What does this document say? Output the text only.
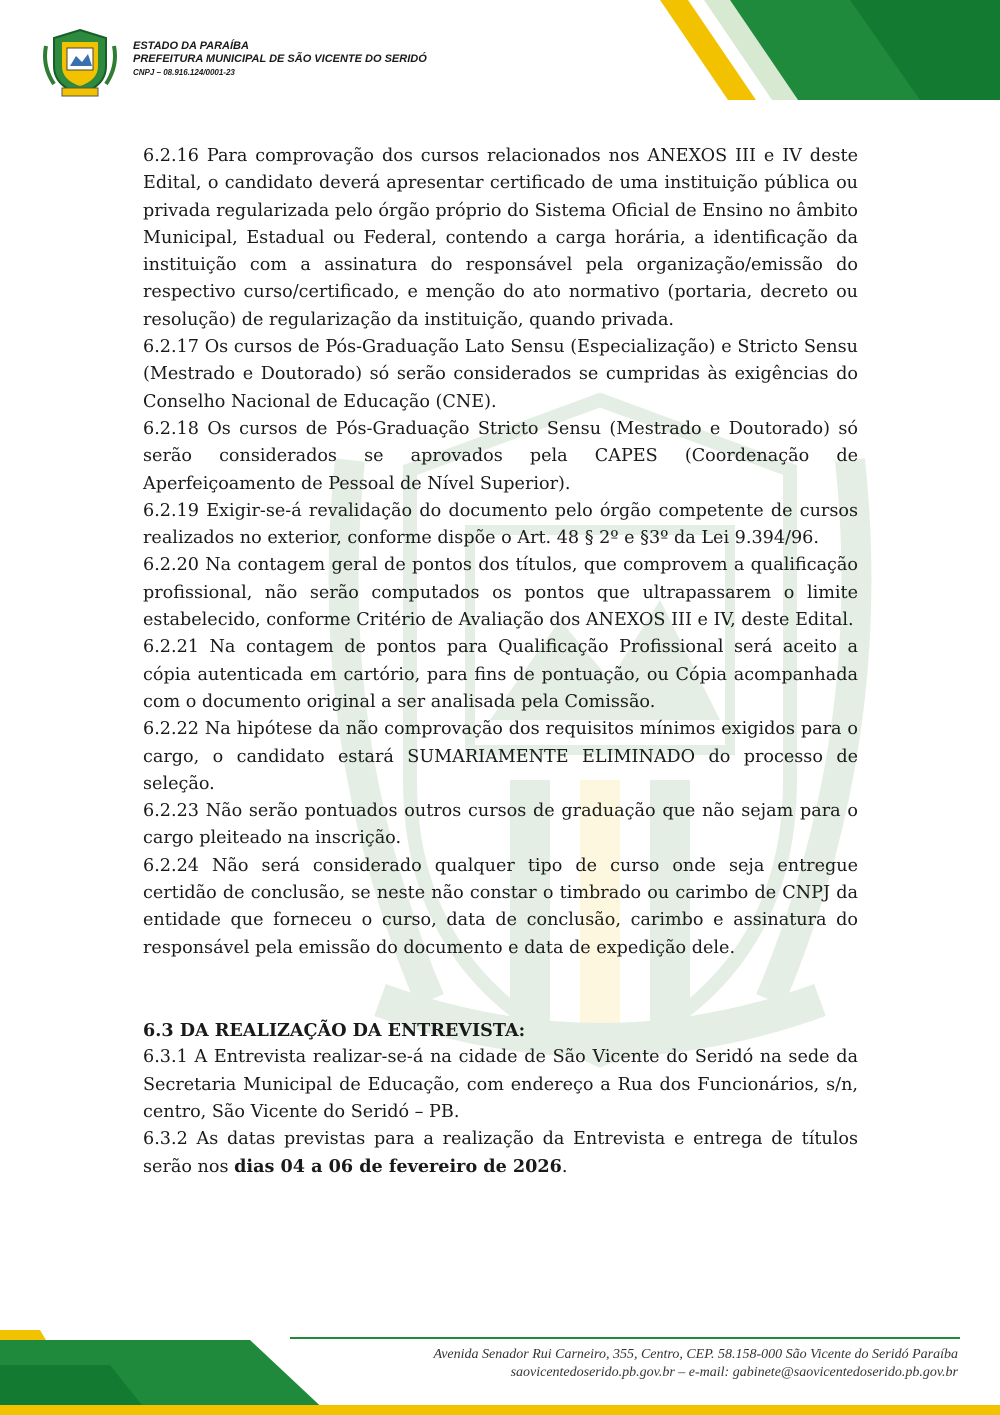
ESTADO DA PARAÍBA
PREFEITURA MUNICIPAL DE SÃO VICENTE DO SERIDÓ
CNPJ – 08.916.124/0001-23

6.2.16 Para comprovação dos cursos relacionados nos ANEXOS III e IV deste Edital, o candidato deverá apresentar certificado de uma instituição pública ou privada regularizada pelo órgão próprio do Sistema Oficial de Ensino no âmbito Municipal, Estadual ou Federal, contendo a carga horária, a identificação da instituição com a assinatura do responsável pela organização/emissão do respectivo curso/certificado, e menção do ato normativo (portaria, decreto ou resolução) de regularização da instituição, quando privada.

6.2.17 Os cursos de Pós-Graduação Lato Sensu (Especialização) e Stricto Sensu (Mestrado e Doutorado) só serão considerados se cumpridas às exigências do Conselho Nacional de Educação (CNE).

6.2.18 Os cursos de Pós-Graduação Stricto Sensu (Mestrado e Doutorado) só serão considerados se aprovados pela CAPES (Coordenação de Aperfeiçoamento de Pessoal de Nível Superior).

6.2.19 Exigir-se-á revalidação do documento pelo órgão competente de cursos realizados no exterior, conforme dispõe o Art. 48 § 2º e §3º da Lei 9.394/96.

6.2.20 Na contagem geral de pontos dos títulos, que comprovem a qualificação profissional, não serão computados os pontos que ultrapassarem o limite estabelecido, conforme Critério de Avaliação dos ANEXOS III e IV, deste Edital.

6.2.21 Na contagem de pontos para Qualificação Profissional será aceito a cópia autenticada em cartório, para fins de pontuação, ou Cópia acompanhada com o documento original a ser analisada pela Comissão.

6.2.22 Na hipótese da não comprovação dos requisitos mínimos exigidos para o cargo, o candidato estará SUMARIAMENTE ELIMINADO do processo de seleção.

6.2.23 Não serão pontuados outros cursos de graduação que não sejam para o cargo pleiteado na inscrição.

6.2.24 Não será considerado qualquer tipo de curso onde seja entregue certidão de conclusão, se neste não constar o timbrado ou carimbo de CNPJ da entidade que forneceu o curso, data de conclusão, carimbo e assinatura do responsável pela emissão do documento e data de expedição dele.

6.3 DA REALIZAÇÃO DA ENTREVISTA:

6.3.1 A Entrevista realizar-se-á na cidade de São Vicente do Seridó na sede da Secretaria Municipal de Educação, com endereço a Rua dos Funcionários, s/n, centro, São Vicente do Seridó – PB.

6.3.2 As datas previstas para a realização da Entrevista e entrega de títulos serão nos dias 04 a 06 de fevereiro de 2026.

Avenida Senador Rui Carneiro, 355, Centro, CEP. 58.158-000 São Vicente do Seridó Paraíba
saovicentedoserido.pb.gov.br – e-mail: gabinete@saovicentedoserido.pb.gov.br
